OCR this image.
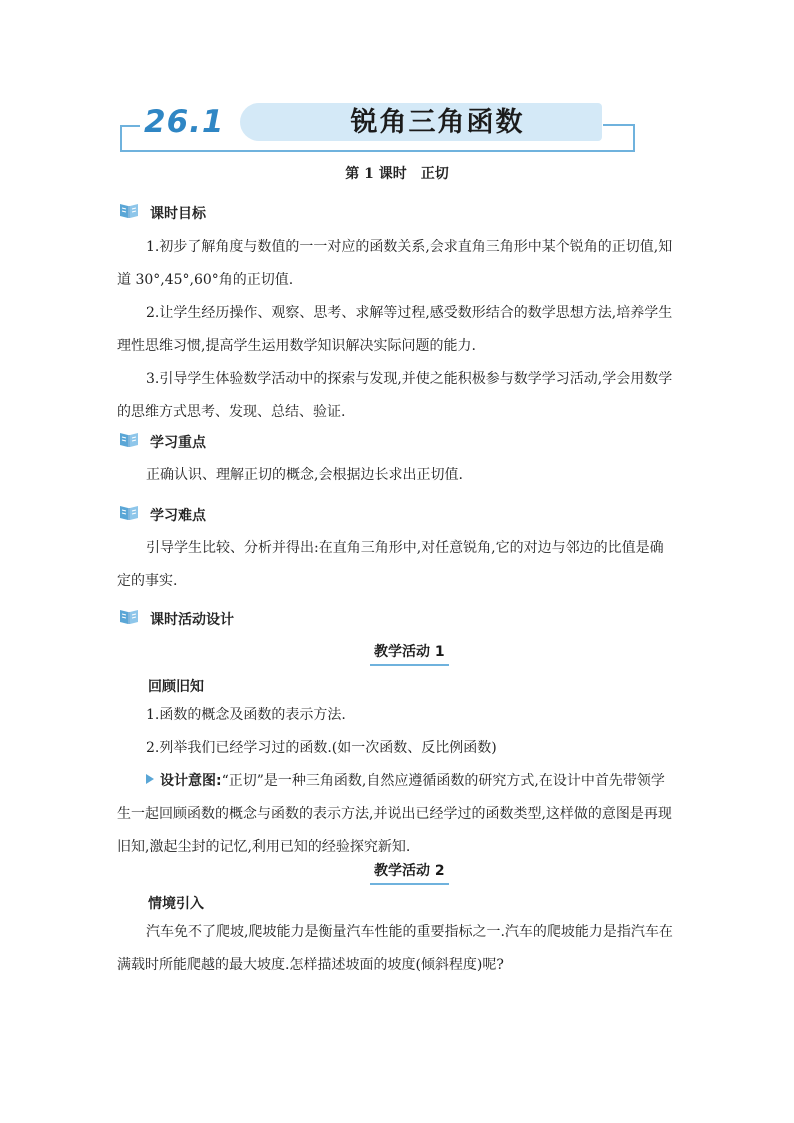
26.1	锐角三角函数
第 1 课时　正切
课时目标

1.初步了解角度与数值的一一对应的函数关系,会求直角三角形中某个锐角的正切值,知道 30°,45°,60°角的正切值.

2.让学生经历操作、观察、思考、求解等过程,感受数形结合的数学思想方法,培养学生理性思维习惯,提高学生运用数学知识解决实际问题的能力.

3.引导学生体验数学活动中的探索与发现,并使之能积极参与数学学习活动,学会用数学的思维方式思考、发现、总结、验证.

学习重点

正确认识、理解正切的概念,会根据边长求出正切值.

学习难点

引导学生比较、分析并得出:在直角三角形中,对任意锐角,它的对边与邻边的比值是确定的事实.

课时活动设计
教学活动 1
回顾旧知

1.函数的概念及函数的表示方法.

2.列举我们已经学习过的函数.(如一次函数、反比例函数)

设计意图:“正切”是一种三角函数,自然应遵循函数的研究方式,在设计中首先带领学生一起回顾函数的概念与函数的表示方法,并说出已经学过的函数类型,这样做的意图是再现旧知,激起尘封的记忆,利用已知的经验探究新知.

教学活动 2
情境引入

汽车免不了爬坡,爬坡能力是衡量汽车性能的重要指标之一.汽车的爬坡能力是指汽车在满载时所能爬越的最大坡度.怎样描述坡面的坡度(倾斜程度)呢?
